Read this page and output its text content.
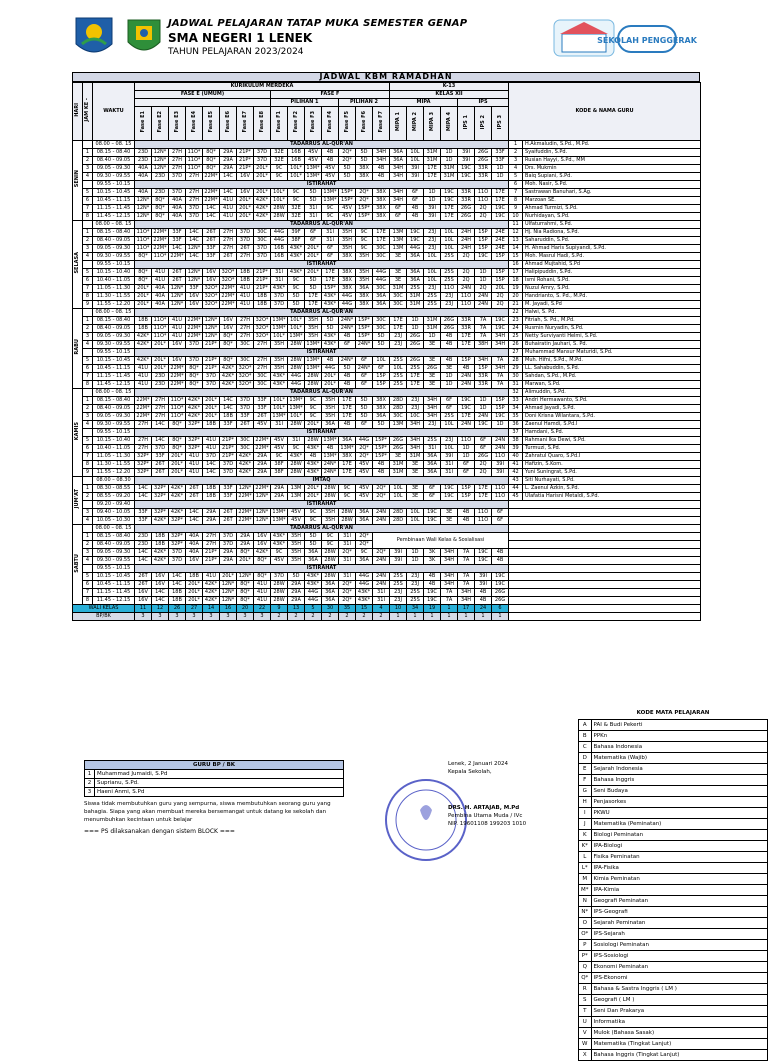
JADWAL PELAJARAN TATAP MUKA SEMESTER GENAP
SMA NEGERI 1 LENEK
TAHUN PELAJARAN 2023/2024
SEKOLAH PENGGERAK
JADWAL KBM RAMADHAN
HARI	JAM KE -	WAKTU	KURIKULUM MERDEKA															K-13							KODE & NAMA GURU	
			FASE E (UMUM)								FASE F							KELAS XII								
											PILIHAN 1				PILIHAN 2			MIPA				IPS				
			Fase E1	Fase E2	Fase E3	Fase E4	Fase E5	Fase E6	Fase E7	Fase E8	Fase F1	Fase F2	Fase F3	Fase F4	Fase F5	Fase F6	Fase F7	MIPA 1	MIPA 2	MIPA 3	MIPA 4	IPS 1	IPS 2	IPS 3		
SENIN		08.00 – 08. 15	TADARRUS AL-QUR'AN																						1	H.Akmaludin, S.Pd., M.Pd.
	1	08.15 - 08.40	23D	12N*	27H	11O*	8Q*	29A	21P*	37D	32E	16B	45V	4B	2Q*	5D	34H	36A	10L	31M	1D	39I	26G	33F	2	Syaifuddin, S.Pd.
	2	08.40 - 09.05	23D	12N*	27H	11O*	8Q*	29A	21P*	37D	32E	16B	45V	4B	2Q*	5D	34H	36A	10L	31M	1D	39I	26G	33F	3	Rusian Hayyi, S.Pd., MM
	3	09.05 - 09.30	40A	12N*	27H	11O*	8Q*	29A	21P*	20L*	9C	10L*	13M*	45V	5D	38X	4B	34H	39I	17E	31M	19C	33R	1D	4	Drs. Mukmin
	4	09.30 - 09.55	40A	23D	37D	27H	22M*	14C	16V	20L*	9C	10L*	13M*	45V	5D	38X	4B	34H	39I	17E	31M	19C	33R	1D	5	Baiq Supiani, S.Pd.
		09.55 - 10.15	ISTIRAHAT																						6	Moh. Nasir, S.Pd.
	5	10.15 - 10.45	40A	23D	37D	27H	22M*	14C	16V	20L*	10L*	9C	5D	13M*	15P*	2Q*	38X	34H	6F	1D	19C	33R	11O	17E	7	Sastrawan Banuhari, S.Ag.
	6	10.45 - 11.15	12N*	8Q*	40A	27H	22M*	41U	20L*	42K*	10L*	9C	5D	13M*	15P*	2Q*	38X	34H	6F	1D	19C	33R	11O	17E	8	Marzoan SE.
	7	11.15 - 11.45	12N*	8Q*	40A	37D	14C	41U	20L*	42K*	28W	32E	31I	9C	45V	15P*	38X	6F	4B	39I	17E	26G	2Q	19C	9	Ahmad Turmizi, S.Pd.
	8	11.45 - 12.15	12N*	8Q*	40A	37D	14C	41U	20L*	42K*	28W	32E	31I	9C	45V	15P*	38X	6F	4B	39I	17E	26G	2Q	19C	10	Nurhidayan, S.Pd.
SELASA		08.00 – 08. 15	TADARRUS AL-QUR'AN																						11	Ulfaturrahmi, S.Pd.
	1	08.15 - 08.40	11O*	22M*	33F	14C	26T	27H	37D	30C	44G	39F	6F	31I	35H	9C	17E	13M	19C	23J	10L	24H	15P	24E	12	Hj. Nia Radiona, S.Pd.
	2	08.40 - 09.05	11O*	22M*	33F	14C	26T	27H	37D	30C	44G	38F	6F	31I	35H	9C	17E	13M	19C	23J	10L	24H	15P	24E	13	Saharuddin, S.Pd.
	3	09.05 - 09.30	11O*	22M*	14C	12N*	33F	27H	26T	37D	16B	43K*	20L*	6F	35H	9C	30C	13M	44G	23J	10L	24H	15P	24E	14	H. Ahmad Haris Supiyandi, S.Pd.
	4	09.30 - 09.55	8Q*	11O*	22M*	14C	33F	26T	27H	37D	16B	43K*	20L*	6F	38X	35H	30C	3E	36A	10L	25S	2Q	19C	15P	15	Moh. Masrul Hadi, S.Pd.
		09.55 - 10.15	ISTIRAHAT																						16	Ahmad Mujtahid, S.Pd
	5	10.15 - 10.40	8Q*	41U	26T	12N*	16V	32O*	18B	21P*	31I	43K*	20L*	17E	38X	35H	44G	3E	36A	10L	25S	2Q	1D	15P	17	Halipipuddin, S.Pd.
	6	10.40 - 11.05	8Q*	41U	26T	12N*	16V	32O*	18B	21P*	31I	9C	5D	17E	38X	35H	44G	3E	36A	10L	25S	2Q	1D	15P	18	Ismi Rohani, S.Pd.
	7	11.05 - 11.30	20L*	40A	12N*	33F	32O*	22M*	41U	21P*	43K*	9C	5D	15P*	38X	36A	30C	31M	25S	23J	11O	24N	2Q	20L	19	Nuzul Amry, S.Pd.
	8	11.30 - 11.55	20L*	40A	12N*	16V	32O*	22M*	41U	18B	37D	5D	17E	43K*	44G	38X	36A	30C	31M	25S	23J	11O	24N	2Q	20	Handrianto, S. Pd., M.Pd.
	9	11.55 - 12.20	20L*	40A	12N*	16V	32O*	22M*	41U	18B	37D	5D	17E	43K*	44G	38X	36A	30C	31M	25S	23J	11O	24N	2Q	21	M. Jayadi, S.Pd
RABU		08.00 – 08. 15	TADARRUS AL-QUR'AN																						22	Halwi, S. Pd.
	1	08.15 - 08.40	18B	11O*	41U	22M*	12N*	16V	27H	32O*	13M*	10L*	35H	5D	24N*	15P*	30C	17E	1D	31M	26G	33R	7A	19C	23	Fitriah, S. Pd., M.Pd.
	2	08.40 - 09.05	18B	11O*	41U	22M*	12N*	16V	27H	32O*	13M*	10L*	35H	5D	24N*	15P*	30C	17E	1D	31M	26G	33R	7A	19C	24	Rusmin Nuryadin, S.Pd.
	3	09.05 - 09.30	42K*	11O*	41U	22M*	12N*	8Q*	27H	32O*	10L*	13M*	35H	43K*	4B	15P*	5D	23J	26G	1D	4B	17E	7A	34H	25	Netty Surviyanti Helmi, S.Pd.
	4	09.30 - 09.55	42K*	20L*	16V	37D	21P*	8Q*	30C	27H	35H	28W	13M*	43K*	6F	24N*	5D	23J	26G	3E	4B	17E	38H	34H	26	Buhairatin Jauhari, S. Pd.
		09.55 - 10.15	ISTIRAHAT																						27	Muhammad Mansur Maturidi, S.Pd.
	5	10.15 - 10.45	42K*	20L*	16V	37D	21P*	8Q*	30C	27H	35H	28W	13M*	4B	24N*	6F	10L	25S	26G	3E	4B	15P	34H	7A	28	Muh. Hifni, S.Pd., M.Pd.
	6	10.45 - 11.15	41U	20L*	22M*	8Q*	21P*	42K*	32O*	27H	35H	28W	13M*	44G	5D	24N*	6F	10L	25S	26G	3E	4B	15P	34H	29	LL. Sahabuddin, S.Pd.
	7	11.15 - 11.45	41U	23D	22M*	8Q*	37D	42K*	32O*	30C	43K*	44G	28W	20L*	4B	6F	15P	25S	17E	3E	1D	24N	33R	7A	30	Sahdan, S.Pd., M.Pd.
	8	11.45 - 12.15	41U	23D	22M*	8Q*	37D	42K*	32O*	30C	43K*	44G	28W	20L*	4B	6F	15P	25S	17E	3E	1D	24N	33R	7A	31	Marwan, S.Pd.
KAMIS		08.00 – 08. 15	TADARRUS AL-QUR'AN																						32	Alimuddin, S.Pd.
	1	08.15 - 08.40	22M*	27H	11O*	42K*	20L*	14C	37D	33F	10L*	13M*	9C	35H	17E	5D	38X	28D	23J	34H	6F	19C	1D	15P	33	Andri Hermawanto, S.Pd.
	2	08.40 - 09.05	22M*	27H	11O*	42K*	20L*	14C	37D	33F	10L*	13M*	9C	35H	17E	5D	38X	28D	23J	34H	6F	19C	1D	15P	34	Ahmad Jayadi, S.Pd.
	3	09.05 - 09.30	22M*	27H	11O*	42K*	20L*	18B	33F	26T	13M*	10L*	9C	35H	17E	5D	36A	30C	10C	34H	25S	17E	24N	19C	35	Doni Krisna Wilantara, S.Pd.
	4	09.30 - 09.55	27H	14C	8Q*	32P*	18B	33F	26T	45V	31I	28W	20L*	36A	4B	6F	5D	13M	34H	23J	10L	24N	19C	1D	36	Zaenul Hamdi, S.Pd.I
		09.55 - 10.15	ISTIRAHAT																						37	Hamdani, S.Pd.
	5	10.15 - 10.40	27H	14C	8Q*	32P*	41U	21P*	30C	22M*	45V	31I	28W	13M*	36A	44G	15P*	26G	34H	25S	23J	11O	6F	24N	38	Rahmani Ika Dewi, S.Pd.
	6	10.40 - 11.05	27H	37D	8Q*	32P*	41U	21P*	30C	22M*	45V	9C	43K*	4B	13M*	2Q*	15P*	26G	34H	31I	10L	1D	6F	24N	39	Turmuzi, S.Pd.
	7	11.05 - 11.30	32P*	33F	20L*	41U	37D	21P*	42K*	29A	9C	43K*	4B	13M*	38X	2Q*	15P*	3E	31M	36A	39I	1D	26G	11O	40	Zahratul Quaro, S.Pd.I
	8	11.30 - 11.55	32P*	26T	20L*	41U	14C	37D	42K*	29A	38F	28W	43K*	24N*	17E	45V	4B	31M	3E	36A	31I	6F	2Q	39I	41	Hafizin, S.Kom.
	9	11.55 - 12.20	32P*	26T	20L*	41U	14C	37D	42K*	29A	38F	28W	43K*	24N*	17E	45V	4B	31M	3E	36A	31I	6F	2Q	39I	42	Yuni Suningrat, S.Pd.
JUM'AT		08.00 – 08.30	IMTAQ																						43	Siti Nurhayati, S.Pd.
	1	08.30 - 08.55	14C	32P*	42K*	26T	18B	33F	12N*	22M*	29A	13M	20L*	28W	9C	45V	2Q*	10L	3E	6F	19C	15P	17E	11O	44	L. Zaenul Azkin, S.Pd.
	2	08.55 - 09.20	14C	32P*	42K*	26T	18B	33F	22M*	12N*	29A	13M	20L*	28W	9C	45V	2Q*	10L	3E	6F	19C	15P	17E	11O	45	Ulafatia Harisni Metaldi, S.Pd.
		09.20 - 09.40	ISTIRAHAT																							
	3	09.40 - 10.05	33F	32P*	42K*	14C	29A	26T	22M*	12N*	13M*	45V	9C	35H	28W	36A	24N	28D	10L	19C	3E	4B	11O	6F		
	4	10.05 - 10.30	33F	42K*	32P*	14C	29A	26T	22M*	12N*	13M*	45V	9C	35H	28W	36A	24N	28D	10L	19C	3E	4B	11O	6F		
SABTU		08.00 – 08. 15	TADARRUS AL-QUR'AN																							
	1	08.15 - 08.40	23D	18B	32P*	40A	27H	37D	29A	16V	43K*	35H	5D	9C	31I	2Q*	Pembinaan Wali Kelas & Sosialisasi									
	2	08.40 - 09.05	23D	18B	32P*	40A	27H	37D	29A	16V	43K*	35H	5D	9C	31I	2Q*										
	3	09.05 - 09.30	14C	42K*	37D	40A	21P*	29A	8Q*	42K*	9C	35H	36A	28W	2Q*	9C	2Q*	39I	1D	3K	34H	7A	19C	4B		
	4	09.30 - 09.55	14C	42K*	37D	16V	21P*	29A	20L*	8Q*	45V	35H	36A	28W	31I	36A	24N	39I	1D	3K	34H	7A	19C	4B		
		09.55 - 10.15	ISTIRAHAT																							
	5	10.15 - 10.45	26T	16V	14C	18B	41U	20L*	12N*	8Q*	37D	5D	43K*	28W	31I	44G	24N	25S	23J	4B	34H	7A	39I	19C		
	6	10.45 - 11.15	26T	16V	14C	20L*	42K*	12N*	8Q*	41U	28W	29A	43K*	36A	2Q*	44G	24N	25S	23J	4B	34H	7A	39I	19C		
	7	11.15 - 11.45	16V	14C	18B	20L*	42K*	12N*	8Q*	41U	28W	29A	44G	36A	2Q*	43K*	31I	23J	25S	19C	7A	34H	4B	26G		
	8	11.45 - 12.15	16V	14C	18B	20L*	42K*	12N*	8Q*	41U	28W	29A	44G	36A	2Q*	43K*	31I	23J	25S	19C	7A	34H	4B	26G		
WALI KELAS			11	12	26	27	14	16	20	22	9	13	5	30	35	15	4	10	34	19	1	17	24	6		
BP/BK			3	3	3	3	3	3	3	3	2	2	2	2	2	2	2	1	1	1	1	1	1	1		
GURU BP / BK	
1	Muhammad Jumaidi, S.Pd
2	Suprianu, S.Pd.
3	Haeni Anmi, S.Pd
Siswa tidak membutuhkan guru yang sempurna, siswa membutuhkan seorang guru yang bahagia. Siapa yang akan membuat mereka bersemangat untuk datang ke sekolah dan menumbuhkan kecintaan untuk belajar
=== PS dilaksanakan dengan sistem BLOCK ===
Lenek, 2 Januari 2024
Kepala Sekolah,
DRS. H. ARTAJAB, M.Pd
Pembina Utama Muda / IVc
NIP. 19601108 199203 1010
KODE MATA PELAJARAN	
A	PAI & Budi Pekerti
B	PPKn
C	Bahasa Indonesia
D	Matematika (Wajib)
E	Sejarah Indonesia
F	Bahasa Inggris
G	Seni Budaya
H	Penjasorkes
I	PKWU
J	Matematika (Peminatan)
K	Biologi Peminatan
K*	IPA-Biologi
L	Fisika Peminatan
L*	IPA-Fisika
M	Kimia Peminatan
M*	IPA-Kimia
N	Geografi Peminatan
N*	IPS-Geografi
O	Sejarah Peminatan
O*	IPS-Sejarah
P	Sosiologi Peminatan
P*	IPS-Sosiologi
Q	Ekonomi Peminatan
Q*	IPS-Ekonomi
R	Bahasa & Sastra Inggris ( LM )
S	Geografi ( LM )
T	Seni Dan Prakarya
U	Informatika
V	Mulok (Bahasa Sasak)
W	Matematika (Tingkat Lanjut)
X	Bahasa Inggris (Tingkat Lanjut)
